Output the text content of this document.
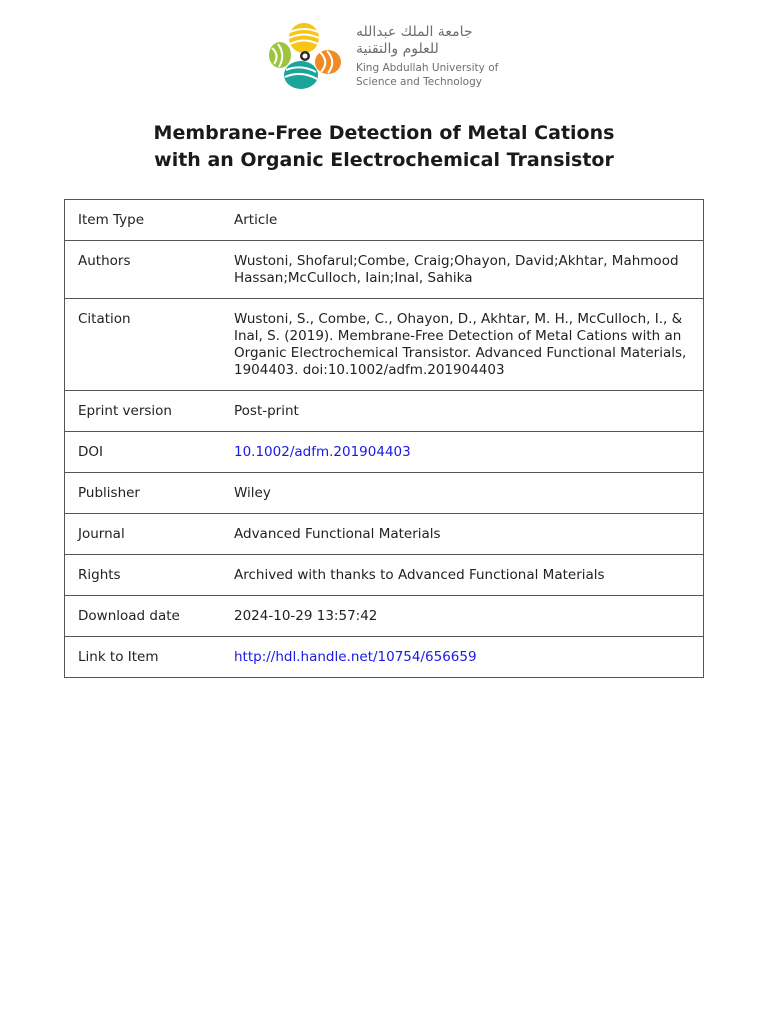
جامعة الملك عبدالله
للعلوم والتقنية
King Abdullah University of
Science and Technology
Membrane-Free Detection of Metal Cations
with an Organic Electrochemical Transistor
Item Type	Article
Authors	Wustoni, Shofarul;Combe, Craig;Ohayon, David;Akhtar, Mahmood Hassan;McCulloch, Iain;Inal, Sahika
Citation	Wustoni, S., Combe, C., Ohayon, D., Akhtar, M. H., McCulloch, I., & Inal, S. (2019). Membrane-Free Detection of Metal Cations with an Organic Electrochemical Transistor. Advanced Functional Materials, 1904403. doi:10.1002/adfm.201904403
Eprint version	Post-print
DOI	10.1002/adfm.201904403
Publisher	Wiley
Journal	Advanced Functional Materials
Rights	Archived with thanks to Advanced Functional Materials
Download date	2024-10-29 13:57:42
Link to Item	http://hdl.handle.net/10754/656659
